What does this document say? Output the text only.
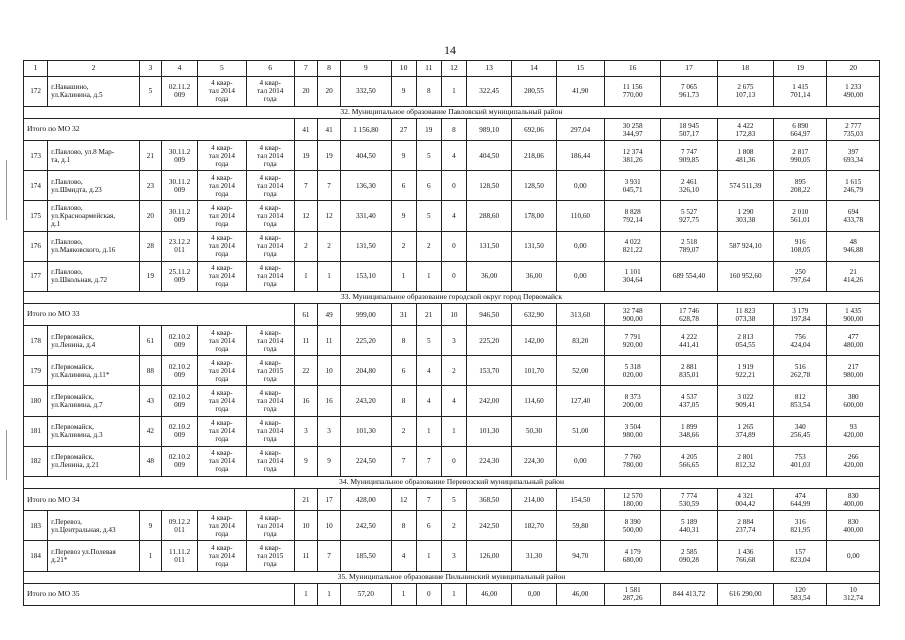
14
1	2	3	4	5	6	7	8	9	10	11	12	13	14	15	16	17	18	19	20
172	г.Навашино,
ул.Калинина, д.5	5	02.11.2
009	4 квар-
тал 2014
года	4 квар-
тал 2014
года	20	20	332,50	9	8	1	322,45	280,55	41,90	11 156
770,00	7 065
961,73	2 675
107,13	1 415
701,14	1 233
490,00
32. Муниципальное образование Павловский муниципальный район																			
Итого по МО 32						41	41	1 156,80	27	19	8	989,10	692,06	297,04	30 258
344,97	18 945
507,17	4 422
172,83	6 890
664,97	2 777
735,03
173	г.Павлово, ул.8 Мар-
та, д.1	21	30.11.2
009	4 квар-
тал 2014
года	4 квар-
тал 2014
года	19	19	404,50	9	5	4	404,50	218,06	186,44	12 374
381,26	7 747
909,85	1 808
481,36	2 817
990,05	397
693,34
174	г.Павлово,
ул.Шмидта, д.23	23	30.11.2
009	4 квар-
тал 2014
года	4 квар-
тал 2014
года	7	7	136,30	6	6	0	128,50	128,50	0,00	3 931
045,71	2 461
326,10	574 511,39	895
208,22	1 615
246,79
175	г.Павлово,
ул.Красноармейская,
д.1	20	30.11.2
009	4 квар-
тал 2014
года	4 квар-
тал 2014
года	12	12	331,40	9	5	4	288,60	178,00	110,60	8 828
792,14	5 527
927,75	1 290
303,38	2 010
561,01	694
433,78
176	г.Павлово,
ул.Маяковского, д.16	28	23.12.2
011	4 квар-
тал 2014
года	4 квар-
тал 2014
года	2	2	131,50	2	2	0	131,50	131,50	0,00	4 022
821,22	2 518
789,07	587 924,10	916
108,05	48
946,88
177	г.Павлово,
ул.Школьная, д.72	19	25.11.2
009	4 квар-
тал 2014
года	4 квар-
тал 2014
года	1	1	153,10	1	1	0	36,00	36,00	0,00	1 101
304,64	689 554,40	160 952,60	250
797,64	21
414,26
33. Муниципальное образование городской округ город Первомайск																			
Итого по МО 33						61	49	999,00	31	21	10	946,50	632,90	313,60	32 748
900,00	17 746
628,78	11 823
073,38	3 179
197,84	1 435
900,00
178	г.Первомайск,
ул.Ленина, д.4	61	02.10.2
009	4 квар-
тал 2014
года	4 квар-
тал 2014
года	11	11	225,20	8	5	3	225,20	142,00	83,20	7 791
920,00	4 222
441,41	2 813
054,55	756
424,04	477
480,00
179	г.Первомайск,
ул.Калинина, д.11*	88	02.10.2
009	4 квар-
тал 2014
года	4 квар-
тал 2015
года	22	10	204,80	6	4	2	153,70	101,70	52,00	5 318
020,00	2 881
835,01	1 919
922,21	516
262,78	217
980,00
180	г.Первомайск,
ул.Калинина, д.7	43	02.10.2
009	4 квар-
тал 2014
года	4 квар-
тал 2014
года	16	16	243,20	8	4	4	242,00	114,60	127,40	8 373
200,00	4 537
437,05	3 022
909,41	812
853,54	380
600,00
181	г.Первомайск,
ул.Калинина, д.3	42	02.10.2
009	4 квар-
тал 2014
года	4 квар-
тал 2014
года	3	3	101,30	2	1	1	101,30	50,30	51,00	3 504
980,00	1 899
348,66	1 265
374,89	340
256,45	93
420,00
182	г.Первомайск,
ул.Ленина, д.21	48	02.10.2
009	4 квар-
тал 2014
года	4 квар-
тал 2014
года	9	9	224,50	7	7	0	224,30	224,30	0,00	7 760
780,00	4 205
566,65	2 801
812,32	753
401,03	266
420,00
34. Муниципальное образование Перевозский муниципальный район																			
Итого по МО 34						21	17	428,00	12	7	5	368,50	214,00	154,50	12 570
180,00	7 774
530,59	4 321
004,42	474
644,99	830
400,00
183	г.Перевоз,
ул.Центральная, д.43	9	09.12.2
011	4 квар-
тал 2014
года	4 квар-
тал 2014
года	10	10	242,50	8	6	2	242,50	182,70	59,80	8 390
500,00	5 189
440,31	2 884
237,74	316
821,95	830
400,00
184	г.Перевоз ул.Полевая
д.21*	1	11.11.2
011	4 квар-
тал 2014
года	4 квар-
тал 2015
года	11	7	185,50	4	1	3	126,00	31,30	94,70	4 179
680,00	2 585
090,28	1 436
766,68	157
823,04	0,00
35. Муниципальное образование Пильнинский муниципальный район																			
Итого по МО 35						1	1	57,20	1	0	1	46,00	0,00	46,00	1 581
287,26	844 413,72	616 290,00	120
583,54	10
312,74
